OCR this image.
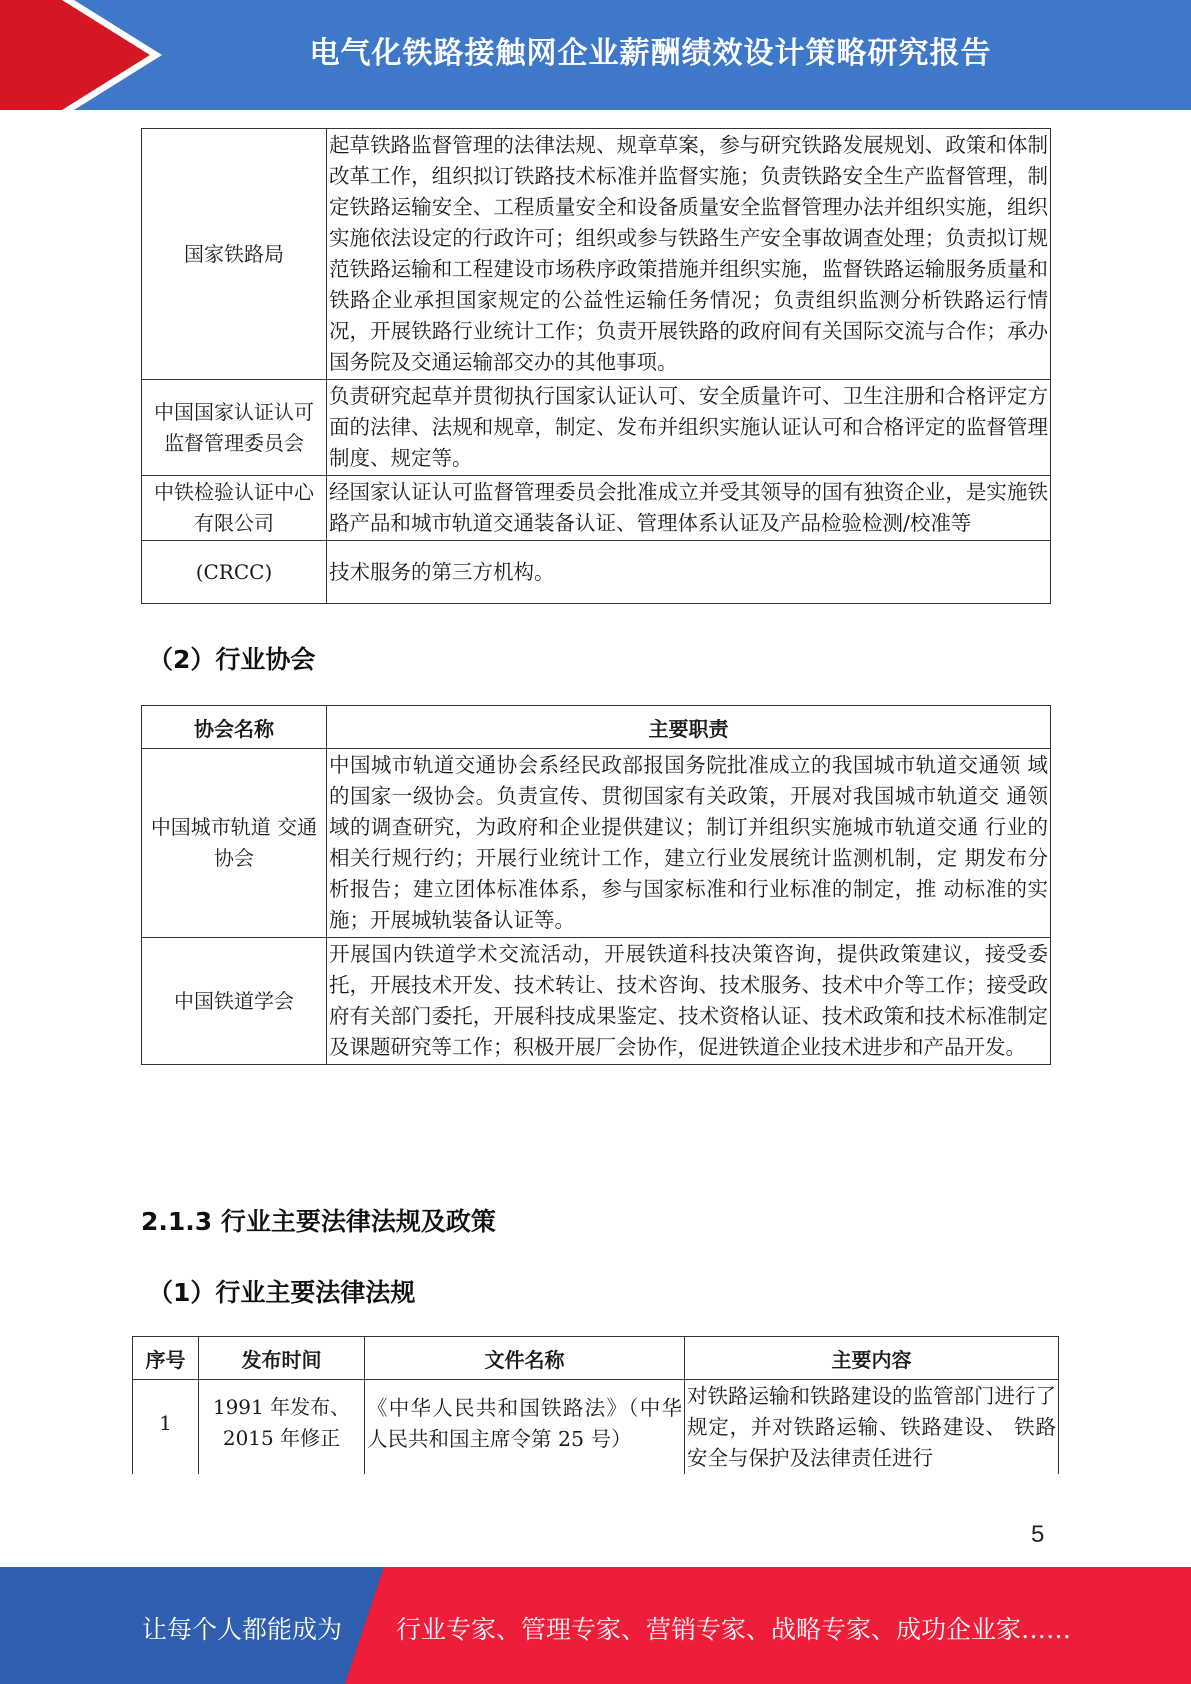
电气化铁路接触网企业薪酬绩效设计策略研究报告
国家铁路局	起草铁路监督管理的法律法规、规章草案，参与研究铁路发展规划、政策和体制改革工作，组织拟订铁路技术标准并监督实施；负责铁路安全生产监督管理，制定铁路运输安全、工程质量安全和设备质量安全监督管理办法并组织实施，组织实施依法设定的行政许可；组织或参与铁路生产安全事故调查处理；负责拟订规范铁路运输和工程建设市场秩序政策措施并组织实施，监督铁路运输服务质量和铁路企业承担国家规定的公益性运输任务情况；负责组织监测分析铁路运行情况，开展铁路行业统计工作；负责开展铁路的政府间有关国际交流与合作；承办国务院及交通运输部交办的其他事项。
中国国家认证认可监督管理委员会	负责研究起草并贯彻执行国家认证认可、安全质量许可、卫生注册和合格评定方面的法律、法规和规章，制定、发布并组织实施认证认可和合格评定的监督管理制度、规定等。
中铁检验认证中心有限公司	经国家认证认可监督管理委员会批准成立并受其领导的国有独资企业，是实施铁路产品和城市轨道交通装备认证、管理体系认证及产品检验检测/校准等
(CRCC)	技术服务的第三方机构。
（2）行业协会
协会名称	主要职责
中国城市轨道 交通协会	中国城市轨道交通协会系经民政部报国务院批准成立的我国城市轨道交通领 域的国家一级协会。负责宣传、贯彻国家有关政策，开展对我国城市轨道交 通领域的调查研究，为政府和企业提供建议；制订并组织实施城市轨道交通 行业的相关行规行约；开展行业统计工作，建立行业发展统计监测机制，定 期发布分析报告；建立团体标准体系，参与国家标准和行业标准的制定，推 动标准的实施；开展城轨装备认证等。
中国铁道学会	开展国内铁道学术交流活动，开展铁道科技决策咨询，提供政策建议，接受委托，开展技术开发、技术转让、技术咨询、技术服务、技术中介等工作；接受政府有关部门委托，开展科技成果鉴定、技术资格认证、技术政策和技术标准制定及课题研究等工作；积极开展厂会协作，促进铁道企业技术进步和产品开发。
2.1.3 行业主要法律法规及政策
（1）行业主要法律法规
序号	发布时间	文件名称	主要内容

1	1991 年发布、 2015 年修正	《中华人民共和国铁路法》（中华 人民共和国主席令第 25 号）	对铁路运输和铁路建设的监管部门进行了规定，并对铁路运输、铁路建设、 铁路安全与保护及法律责任进行
5
让每个人都能成为 行业专家、管理专家、营销专家、战略专家、成功企业家……
